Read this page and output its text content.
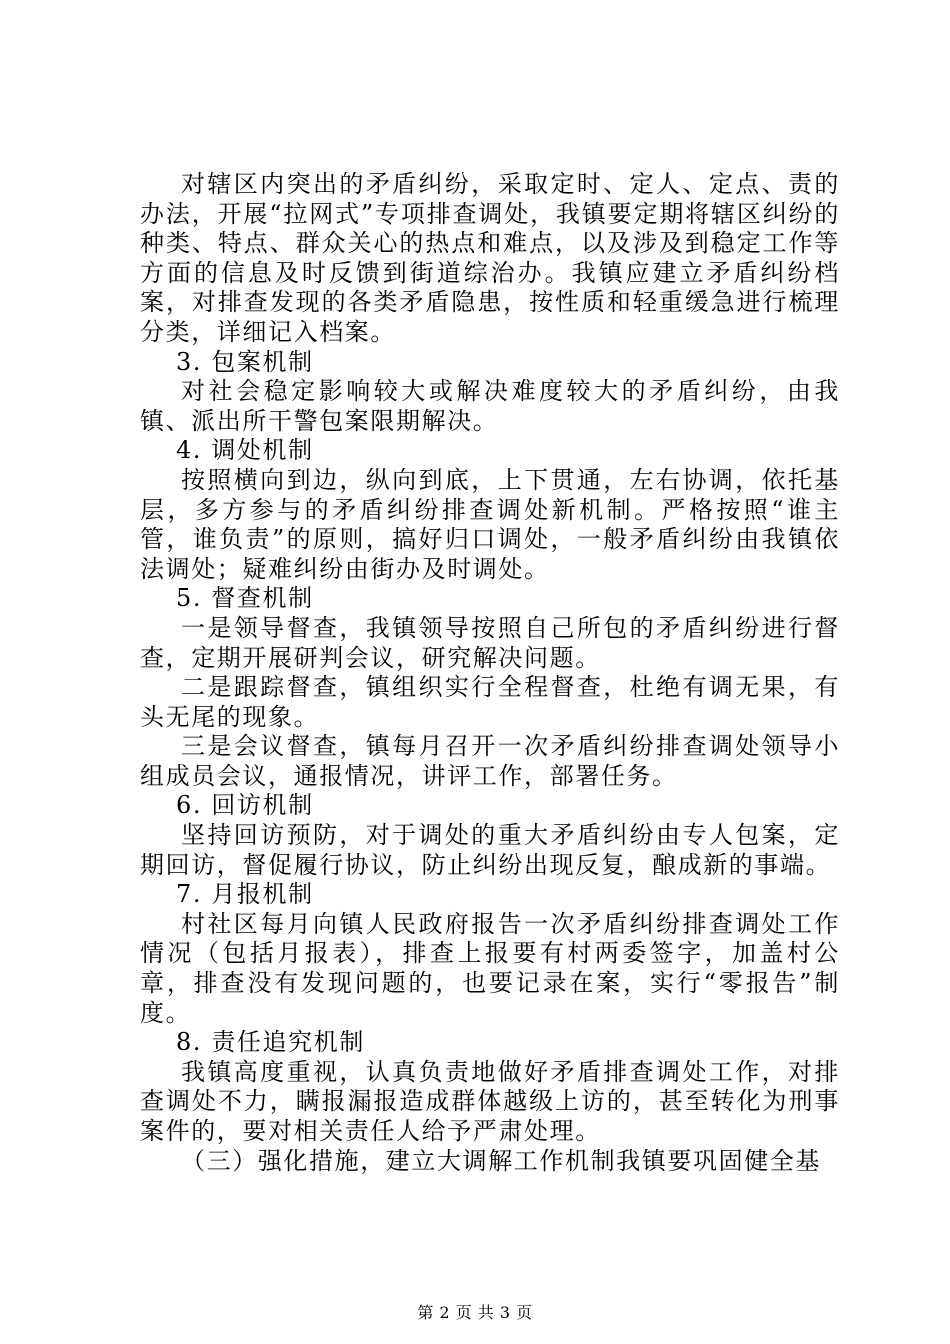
对辖区内突出的矛盾纠纷，采取定时、定人、定点、责的办法，开展“拉网式”专项排查调处，我镇要定期将辖区纠纷的种类、特点、群众关心的热点和难点，以及涉及到稳定工作等方面的信息及时反馈到街道综治办。我镇应建立矛盾纠纷档案，对排查发现的各类矛盾隐患，按性质和轻重缓急进行梳理分类，详细记入档案。

3. 包案机制

对社会稳定影响较大或解决难度较大的矛盾纠纷，由我镇、派出所干警包案限期解决。

4. 调处机制

按照横向到边，纵向到底，上下贯通，左右协调，依托基层，多方参与的矛盾纠纷排查调处新机制。严格按照“谁主管，谁负责”的原则，搞好归口调处，一般矛盾纠纷由我镇依法调处；疑难纠纷由街办及时调处。

5. 督查机制

一是领导督查，我镇领导按照自己所包的矛盾纠纷进行督查，定期开展研判会议，研究解决问题。

二是跟踪督查，镇组织实行全程督查，杜绝有调无果，有头无尾的现象。

三是会议督查，镇每月召开一次矛盾纠纷排查调处领导小组成员会议，通报情况，讲评工作，部署任务。

6. 回访机制

坚持回访预防，对于调处的重大矛盾纠纷由专人包案，定期回访，督促履行协议，防止纠纷出现反复，酿成新的事端。

7. 月报机制

村社区每月向镇人民政府报告一次矛盾纠纷排查调处工作情况（包括月报表），排查上报要有村两委签字，加盖村公章，排查没有发现问题的，也要记录在案，实行“零报告”制度。

8. 责任追究机制

我镇高度重视，认真负责地做好矛盾排查调处工作，对排查调处不力，瞒报漏报造成群体越级上访的，甚至转化为刑事案件的，要对相关责任人给予严肃处理。

（三）强化措施，建立大调解工作机制我镇要巩固健全基

第 2 页 共 3 页
